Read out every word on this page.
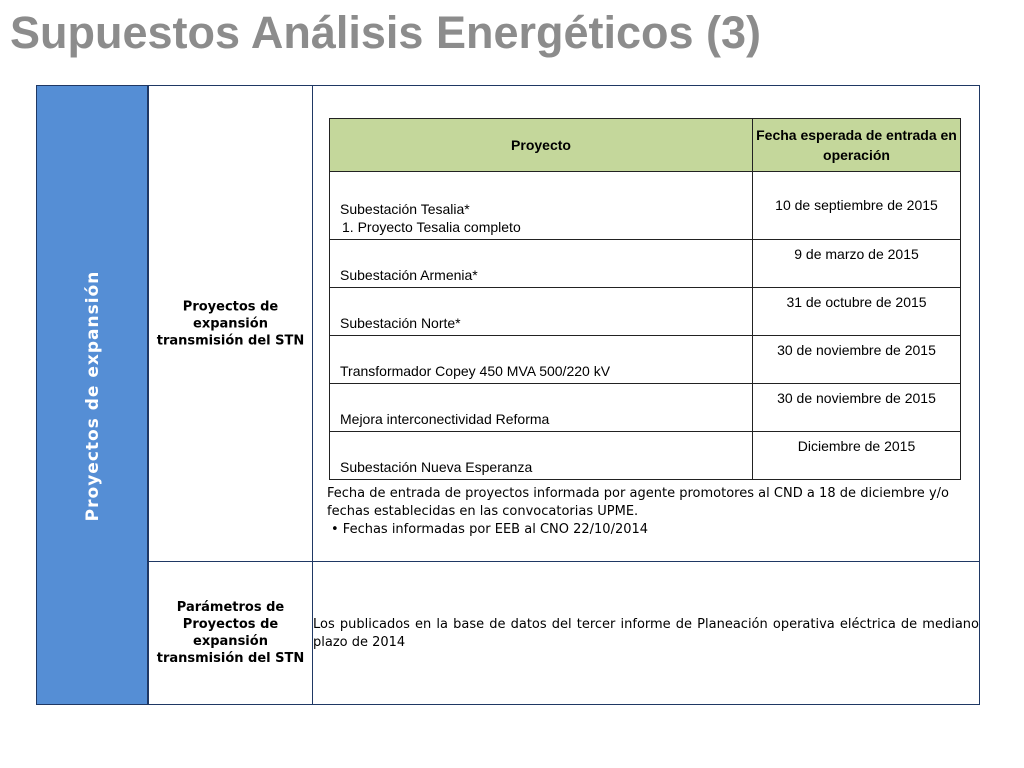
Supuestos Análisis Energéticos (3)
Proyectos de expansión	Proyectos de expansión transmisión del STN
Proyecto	Fecha esperada de entrada en operación
Subestación Tesalia*
1. Proyecto Tesalia completo	10 de septiembre de 2015
Subestación Armenia*	9 de marzo de 2015
Subestación Norte*	31 de octubre de 2015
Transformador Copey 450 MVA 500/220 kV	30 de noviembre de 2015
Mejora interconectividad Reforma	30 de noviembre de 2015
Subestación Nueva Esperanza	Diciembre de 2015
Fecha de entrada de proyectos informada por agente promotores al CND a 18 de diciembre y/o fechas establecidas en las convocatorias UPME.
• Fechas informadas por EEB al CNO 22/10/2014
Parámetros de Proyectos de expansión transmisión del STN
Los publicados en la base de datos del tercer informe de Planeación operativa eléctrica de mediano plazo de 2014
